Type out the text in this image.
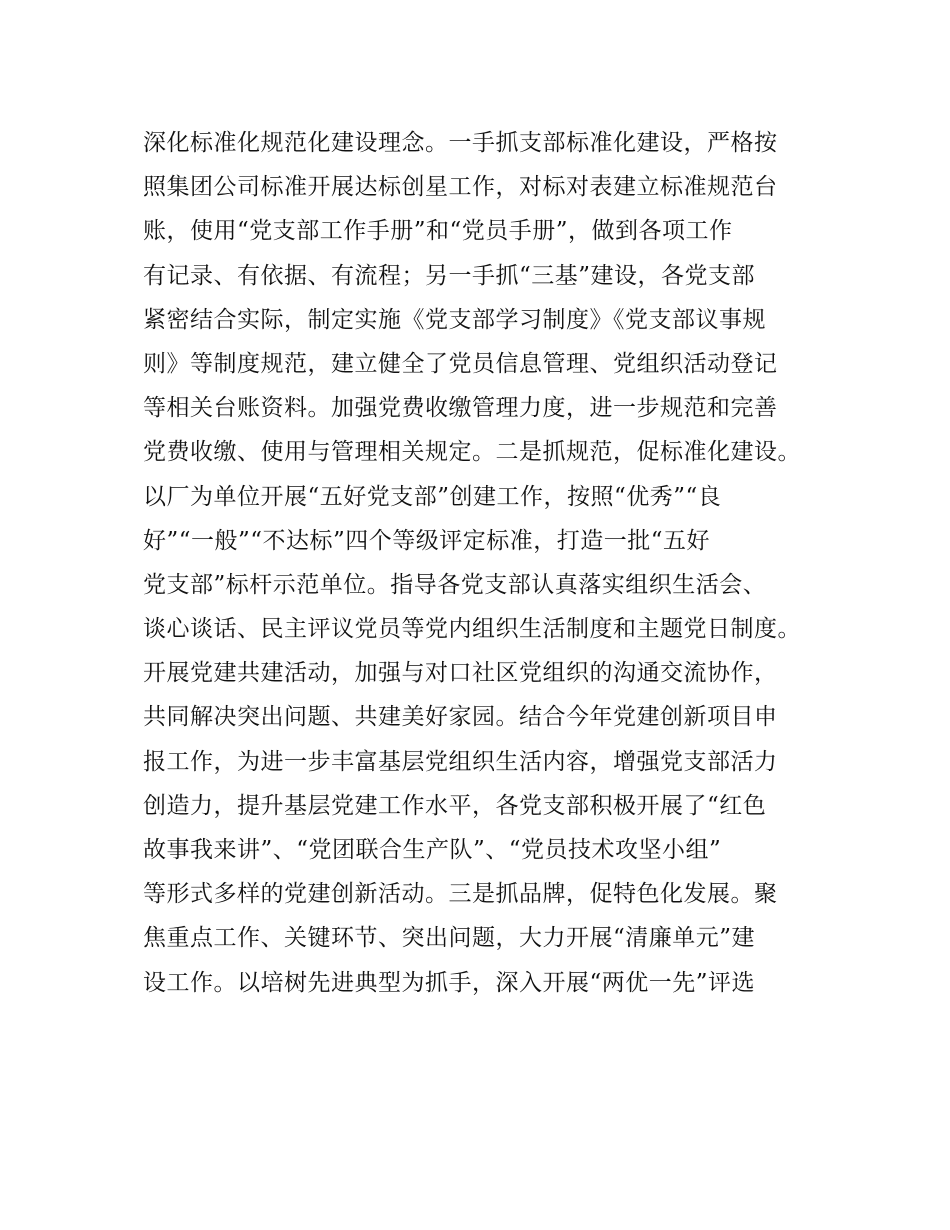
深化标准化规范化建设理念。一手抓支部标准化建设，严格按
照集团公司标准开展达标创星工作，对标对表建立标准规范台
账，使用“党支部工作手册”和“党员手册”，做到各项工作
有记录、有依据、有流程；另一手抓“三基”建设，各党支部
紧密结合实际，制定实施《党支部学习制度》《党支部议事规
则》等制度规范，建立健全了党员信息管理、党组织活动登记
等相关台账资料。加强党费收缴管理力度，进一步规范和完善
党费收缴、使用与管理相关规定。二是抓规范，促标准化建设。
以厂为单位开展“五好党支部”创建工作，按照“优秀”“良
好”“一般”“不达标”四个等级评定标准，打造一批“五好
党支部”标杆示范单位。指导各党支部认真落实组织生活会、
谈心谈话、民主评议党员等党内组织生活制度和主题党日制度。
开展党建共建活动，加强与对口社区党组织的沟通交流协作，
共同解决突出问题、共建美好家园。结合今年党建创新项目申
报工作，为进一步丰富基层党组织生活内容，增强党支部活力
创造力，提升基层党建工作水平，各党支部积极开展了“红色
故事我来讲”、“党团联合生产队”、“党员技术攻坚小组”
等形式多样的党建创新活动。三是抓品牌，促特色化发展。聚
焦重点工作、关键环节、突出问题，大力开展“清廉单元”建
设工作。以培树先进典型为抓手，深入开展“两优一先”评选
